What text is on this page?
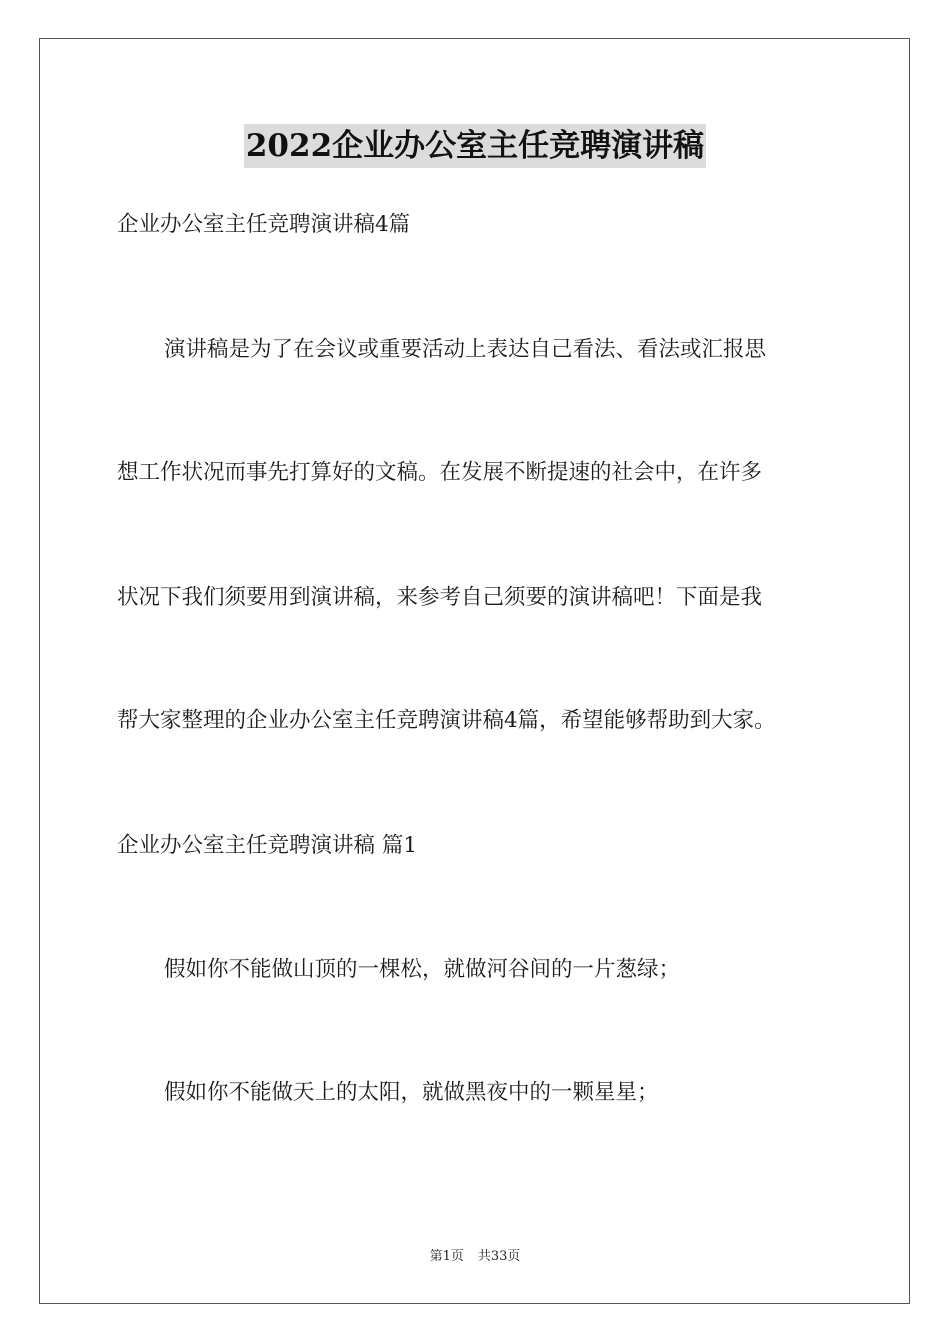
2022企业办公室主任竞聘演讲稿
企业办公室主任竞聘演讲稿4篇
演讲稿是为了在会议或重要活动上表达自己看法、看法或汇报思
想工作状况而事先打算好的文稿。在发展不断提速的社会中，在许多
状况下我们须要用到演讲稿，来参考自己须要的演讲稿吧！下面是我
帮大家整理的企业办公室主任竞聘演讲稿4篇，希望能够帮助到大家。
企业办公室主任竞聘演讲稿 篇1
假如你不能做山顶的一棵松，就做河谷间的一片葱绿；
假如你不能做天上的太阳，就做黑夜中的一颗星星；
第1页 共33页
